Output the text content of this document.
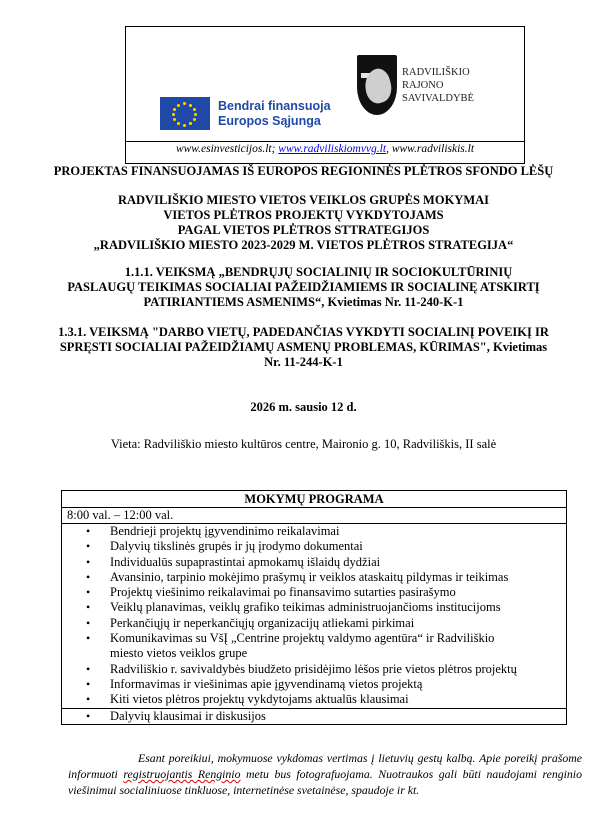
Bendrai finansuoja
Europos Sąjunga
RADVILIŠKIO
RAJONO
SAVIVALDYBĖ
www.esinvesticijos.lt; www.radviliskiomvvg.lt, www.radviliskis.lt
PROJEKTAS FINANSUOJAMAS IŠ EUROPOS REGIONINĖS PLĖTROS SFONDO LĖŠŲ
RADVILIŠKIO MIESTO VIETOS VEIKLOS GRUPĖS MOKYMAI
VIETOS PLĖTROS PROJEKTŲ VYKDYTOJAMS
PAGAL VIETOS PLĖTROS STTRATEGIJOS
„RADVILIŠKIO MIESTO 2023-2029 M. VIETOS PLĖTROS STRATEGIJA“
1.1.1. VEIKSMĄ „BENDRŲJŲ SOCIALINIŲ IR SOCIOKULTŪRINIŲ
PASLAUGŲ TEIKIMAS SOCIALIAI PAŽEIDŽIAMIEMS IR SOCIALINĘ ATSKIRTĮ
PATIRIANTIEMS ASMENIMS“, Kvietimas Nr. 11-240-K-1
1.3.1. VEIKSMĄ "DARBO VIETŲ, PADEDANČIAS VYKDYTI SOCIALINĮ POVEIKĮ IR
SPRĘSTI SOCIALIAI PAŽEIDŽIAMŲ ASMENŲ PROBLEMAS, KŪRIMAS", Kvietimas
Nr. 11-244-K-1
2026 m. sausio 12 d.
Vieta: Radviliškio miesto kultūros centre, Maironio g. 10, Radviliškis, II salė
MOKYMŲ PROGRAMA
8:00 val. – 12:00 val.
• Bendrieji projektų įgyvendinimo reikalavimai
• Dalyvių tikslinės grupės ir jų įrodymo dokumentai
• Individualūs supaprastintai apmokamų išlaidų dydžiai
• Avansinio, tarpinio mokėjimo prašymų ir veiklos ataskaitų pildymas ir teikimas
• Projektų viešinimo reikalavimai po finansavimo sutarties pasirašymo
• Veiklų planavimas, veiklų grafiko teikimas administruojančioms institucijoms
• Perkančiųjų ir neperkančiųjų organizacijų atliekami pirkimai
• Komunikavimas su VšĮ „Centrine projektų valdymo agentūra“ ir Radviliškio miesto vietos veiklos grupe
• Radviliškio r. savivaldybės biudžeto prisidėjimo lėšos prie vietos plėtros projektų
• Informavimas ir viešinimas apie įgyvendinamą vietos projektą
• Kiti vietos plėtros projektų vykdytojams aktualūs klausimai
• Dalyvių klausimai ir diskusijos
Esant poreikiui, mokymuose vykdomas vertimas į lietuvių gestų kalbą. Apie poreikį prašome informuoti registruojantis Renginio metu bus fotografuojama. Nuotraukos gali būti naudojami renginio viešinimui socialiniuose tinkluose, internetinėse svetainėse, spaudoje ir kt.
